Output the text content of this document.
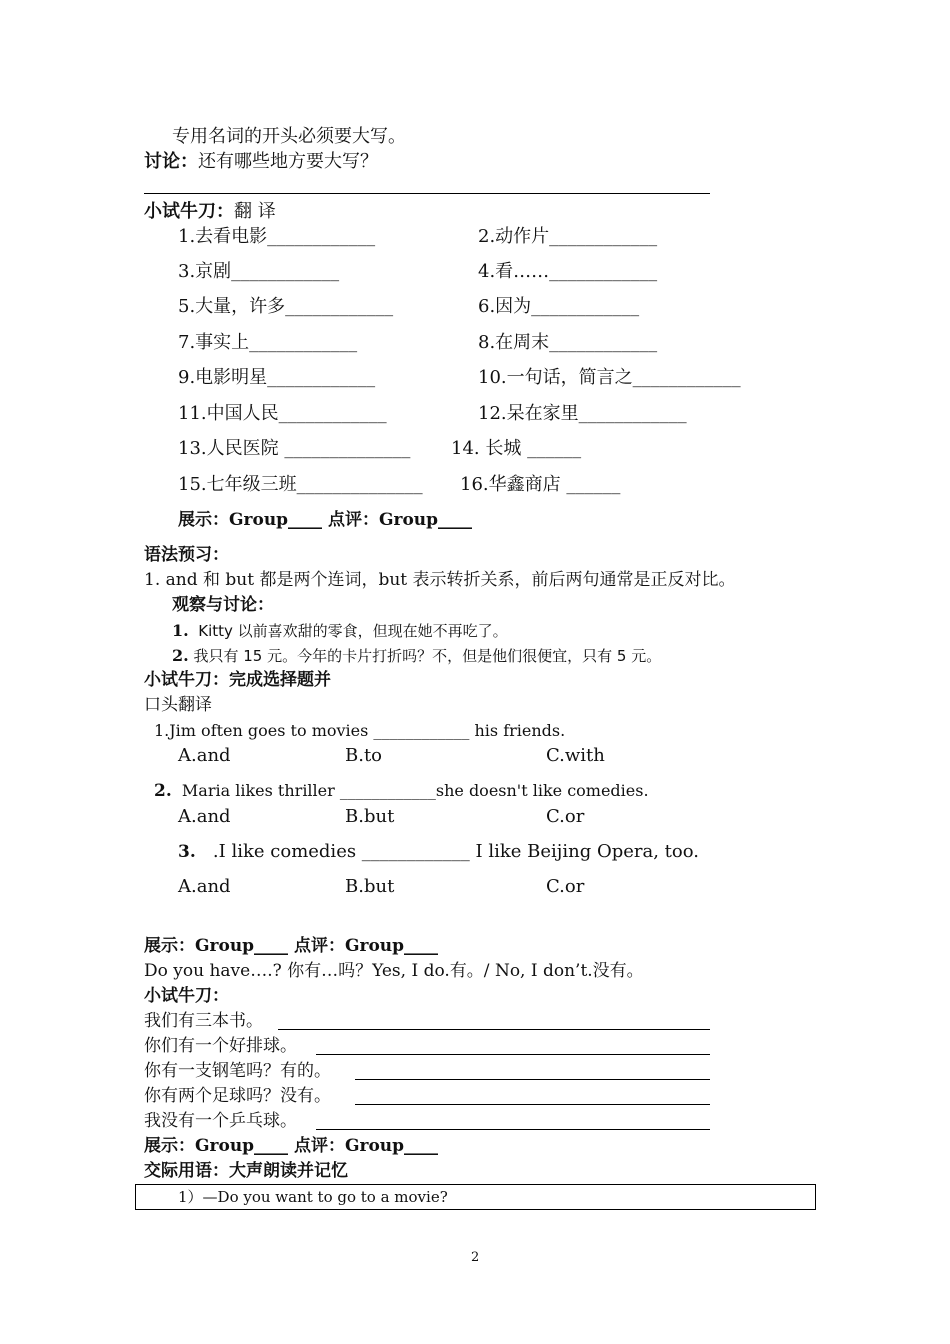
专用名词的开头必须要大写。
讨论：还有哪些地方要大写？
小试牛刀：翻 译
1.去看电影____________	2.动作片____________
3.京剧____________	4.看……____________
5.大量，许多____________	6.因为____________
7.事实上____________	8.在周末____________
9.电影明星____________	10.一句话，简言之____________
11.中国人民____________	12.呆在家里____________
13.人民医院 ______________ 14. 长城 ______
15.七年级三班______________ 16.华鑫商店 ______
展示：Group____ 点评：Group____
语法预习：
1. and 和 but 都是两个连词，but 表示转折关系，前后两句通常是正反对比。
观察与讨论：
1. Kitty 以前喜欢甜的零食，但现在她不再吃了。
2. 我只有 15 元。今年的卡片打折吗？不，但是他们很便宜，只有 5 元。
小试牛刀：完成选择题并
口头翻译
1.Jim often goes to movies ____________ his friends.
A.and	B.to	C.with
2. Maria likes thriller ____________she doesn't like comedies.
A.and	B.but	C.or
3. .I like comedies ____________ I like Beijing Opera, too.
A.and	B.but	C.or
展示：Group____ 点评：Group____
Do you have….? 你有…吗？Yes, I do.有。/ No, I don’t.没有。
小试牛刀：
我们有三本书。
你们有一个好排球。
你有一支钢笔吗？有的。
你有两个足球吗？没有。
我没有一个乒乓球。
展示：Group____ 点评：Group____
交际用语：大声朗读并记忆
1）—Do you want to go to a movie?
2
